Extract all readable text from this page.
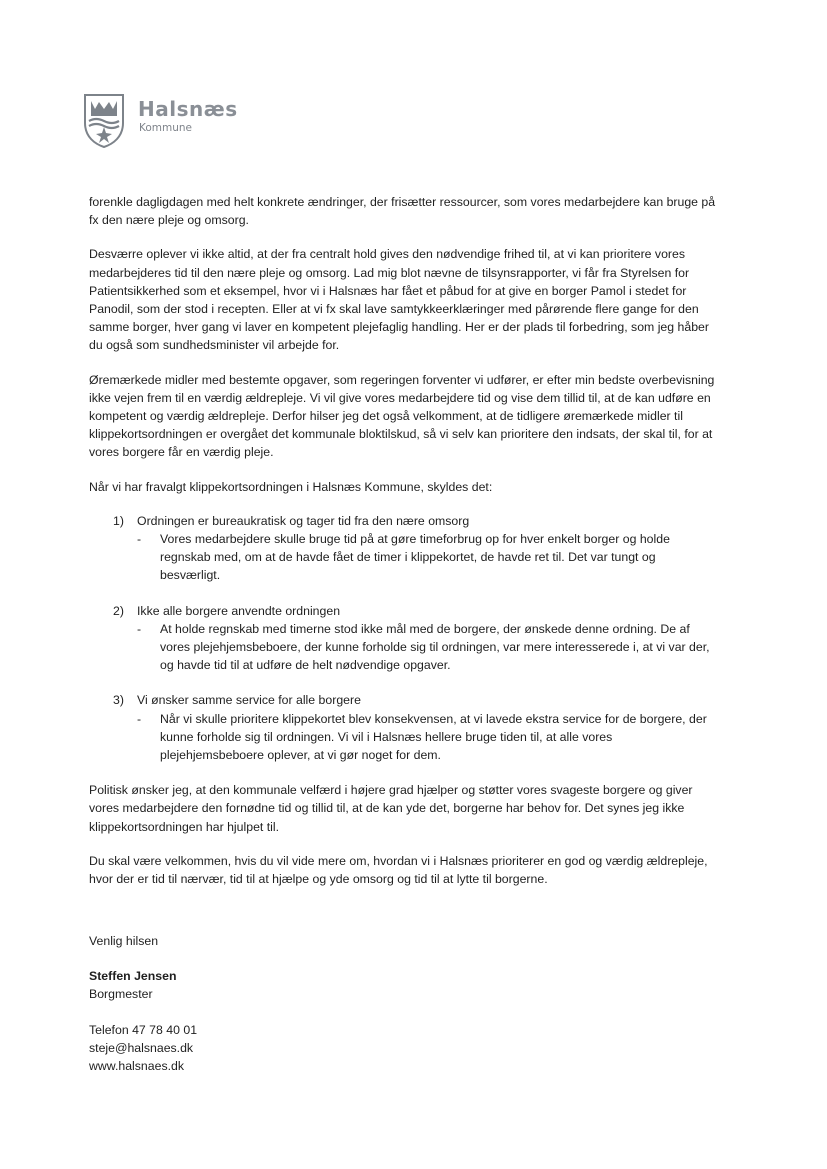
Halsnæs
Kommune

forenkle dagligdagen med helt konkrete ændringer, der frisætter ressourcer, som vores medarbejdere kan bruge på fx den nære pleje og omsorg.

Desværre oplever vi ikke altid, at der fra centralt hold gives den nødvendige frihed til, at vi kan prioritere vores medarbejderes tid til den nære pleje og omsorg. Lad mig blot nævne de tilsynsrapporter, vi får fra Styrelsen for Patientsikkerhed som et eksempel, hvor vi i Halsnæs har fået et påbud for at give en borger Pamol i stedet for Panodil, som der stod i recepten. Eller at vi fx skal lave samtykkeerklæringer med pårørende flere gange for den samme borger, hver gang vi laver en kompetent plejefaglig handling. Her er der plads til forbedring, som jeg håber du også som sundhedsminister vil arbejde for.

Øremærkede midler med bestemte opgaver, som regeringen forventer vi udfører, er efter min bedste overbevisning ikke vejen frem til en værdig ældrepleje. Vi vil give vores medarbejdere tid og vise dem tillid til, at de kan udføre en kompetent og værdig ældrepleje. Derfor hilser jeg det også velkomment, at de tidligere øremærkede midler til klippekortsordningen er overgået det kommunale bloktilskud, så vi selv kan prioritere den indsats, der skal til, for at vores borgere får en værdig pleje.

Når vi har fravalgt klippekortsordningen i Halsnæs Kommune, skyldes det:

1) Ordningen er bureaukratisk og tager tid fra den nære omsorg
- Vores medarbejdere skulle bruge tid på at gøre timeforbrug op for hver enkelt borger og holde regnskab med, om at de havde fået de timer i klippekortet, de havde ret til. Det var tungt og besværligt.
2) Ikke alle borgere anvendte ordningen
- At holde regnskab med timerne stod ikke mål med de borgere, der ønskede denne ordning. De af vores plejehjemsbeboere, der kunne forholde sig til ordningen, var mere interesserede i, at vi var der, og havde tid til at udføre de helt nødvendige opgaver.
3) Vi ønsker samme service for alle borgere
- Når vi skulle prioritere klippekortet blev konsekvensen, at vi lavede ekstra service for de borgere, der kunne forholde sig til ordningen. Vi vil i Halsnæs hellere bruge tiden til, at alle vores plejehjemsbeboere oplever, at vi gør noget for dem.

Politisk ønsker jeg, at den kommunale velfærd i højere grad hjælper og støtter vores svageste borgere og giver vores medarbejdere den fornødne tid og tillid til, at de kan yde det, borgerne har behov for. Det synes jeg ikke klippekortsordningen har hjulpet til.

Du skal være velkommen, hvis du vil vide mere om, hvordan vi i Halsnæs prioriterer en god og værdig ældrepleje, hvor der er tid til nærvær, tid til at hjælpe og yde omsorg og tid til at lytte til borgerne.

Venlig hilsen
Steffen Jensen
Borgmester
Telefon 47 78 40 01
steje@halsnaes.dk
www.halsnaes.dk
